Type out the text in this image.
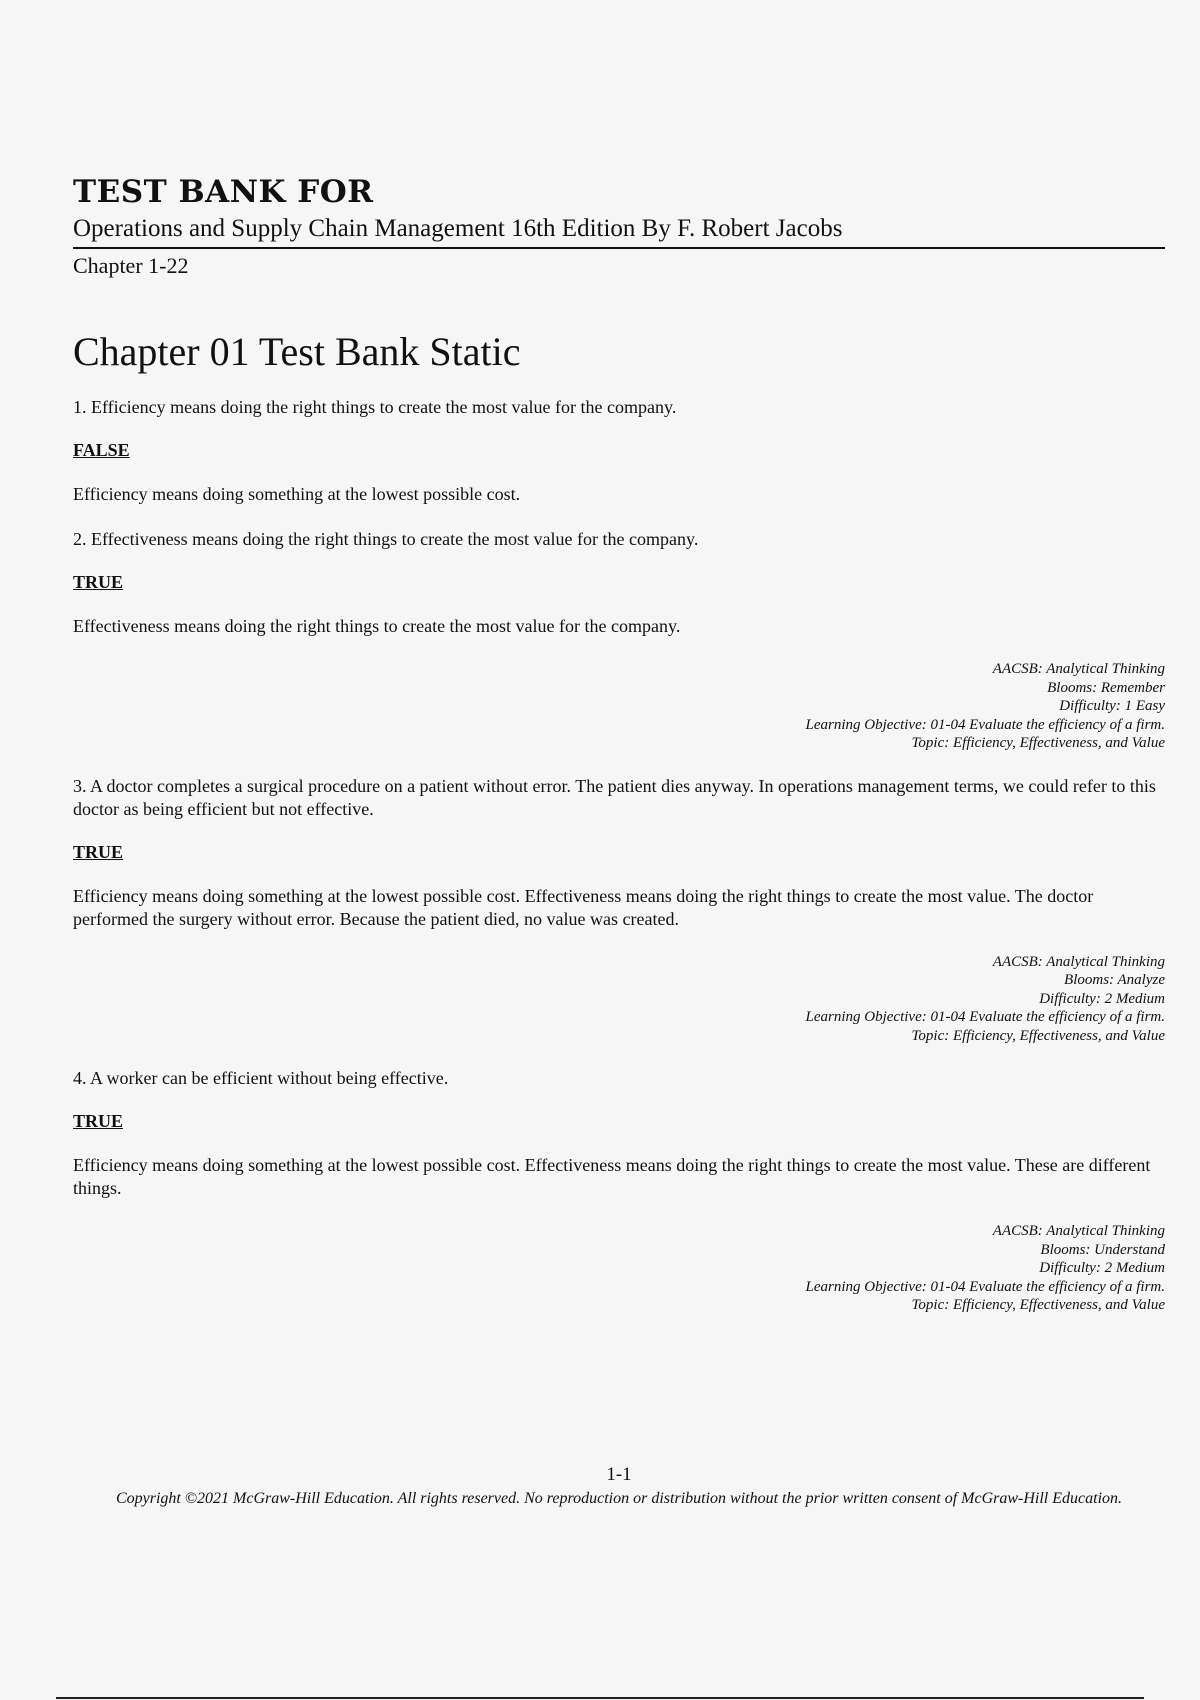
TEST BANK FOR

Operations and Supply Chain Management 16th Edition By F. Robert Jacobs

Chapter 1-22

Chapter 01 Test Bank Static

1. Efficiency means doing the right things to create the most value for the company.

FALSE

Efficiency means doing something at the lowest possible cost.

2. Effectiveness means doing the right things to create the most value for the company.

TRUE

Effectiveness means doing the right things to create the most value for the company.

AACSB: Analytical Thinking
Blooms: Remember
Difficulty: 1 Easy
Learning Objective: 01-04 Evaluate the efficiency of a firm.
Topic: Efficiency, Effectiveness, and Value

3. A doctor completes a surgical procedure on a patient without error. The patient dies anyway. In operations management terms, we could refer to this doctor as being efficient but not effective.

TRUE

Efficiency means doing something at the lowest possible cost. Effectiveness means doing the right things to create the most value. The doctor performed the surgery without error. Because the patient died, no value was created.

AACSB: Analytical Thinking
Blooms: Analyze
Difficulty: 2 Medium
Learning Objective: 01-04 Evaluate the efficiency of a firm.
Topic: Efficiency, Effectiveness, and Value

4. A worker can be efficient without being effective.

TRUE

Efficiency means doing something at the lowest possible cost. Effectiveness means doing the right things to create the most value. These are different things.

AACSB: Analytical Thinking
Blooms: Understand
Difficulty: 2 Medium
Learning Objective: 01-04 Evaluate the efficiency of a firm.
Topic: Efficiency, Effectiveness, and Value

1-1

Copyright ©2021 McGraw-Hill Education. All rights reserved. No reproduction or distribution without the prior written consent of McGraw-Hill Education.
